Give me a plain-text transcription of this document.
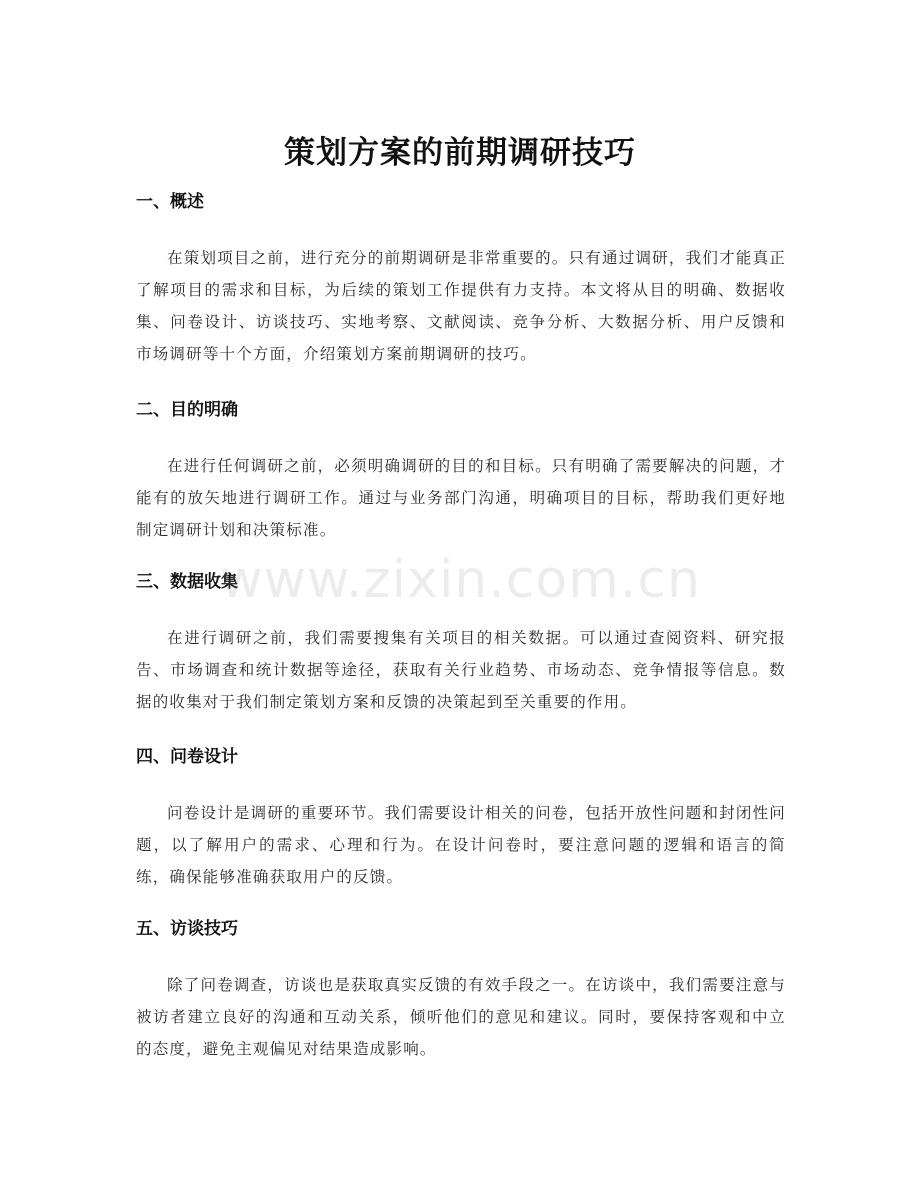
策划方案的前期调研技巧
一、概述

在策划项目之前，进行充分的前期调研是非常重要的。只有通过调研，我们才能真正了解项目的需求和目标，为后续的策划工作提供有力支持。本文将从目的明确、数据收集、问卷设计、访谈技巧、实地考察、文献阅读、竞争分析、大数据分析、用户反馈和市场调研等十个方面，介绍策划方案前期调研的技巧。

二、目的明确

在进行任何调研之前，必须明确调研的目的和目标。只有明确了需要解决的问题，才能有的放矢地进行调研工作。通过与业务部门沟通，明确项目的目标，帮助我们更好地制定调研计划和决策标准。

三、数据收集

在进行调研之前，我们需要搜集有关项目的相关数据。可以通过查阅资料、研究报告、市场调查和统计数据等途径，获取有关行业趋势、市场动态、竞争情报等信息。数据的收集对于我们制定策划方案和反馈的决策起到至关重要的作用。

四、问卷设计

问卷设计是调研的重要环节。我们需要设计相关的问卷，包括开放性问题和封闭性问题，以了解用户的需求、心理和行为。在设计问卷时，要注意问题的逻辑和语言的简练，确保能够准确获取用户的反馈。

五、访谈技巧

除了问卷调查，访谈也是获取真实反馈的有效手段之一。在访谈中，我们需要注意与被访者建立良好的沟通和互动关系，倾听他们的意见和建议。同时，要保持客观和中立的态度，避免主观偏见对结果造成影响。

www.zixin.com.cn
